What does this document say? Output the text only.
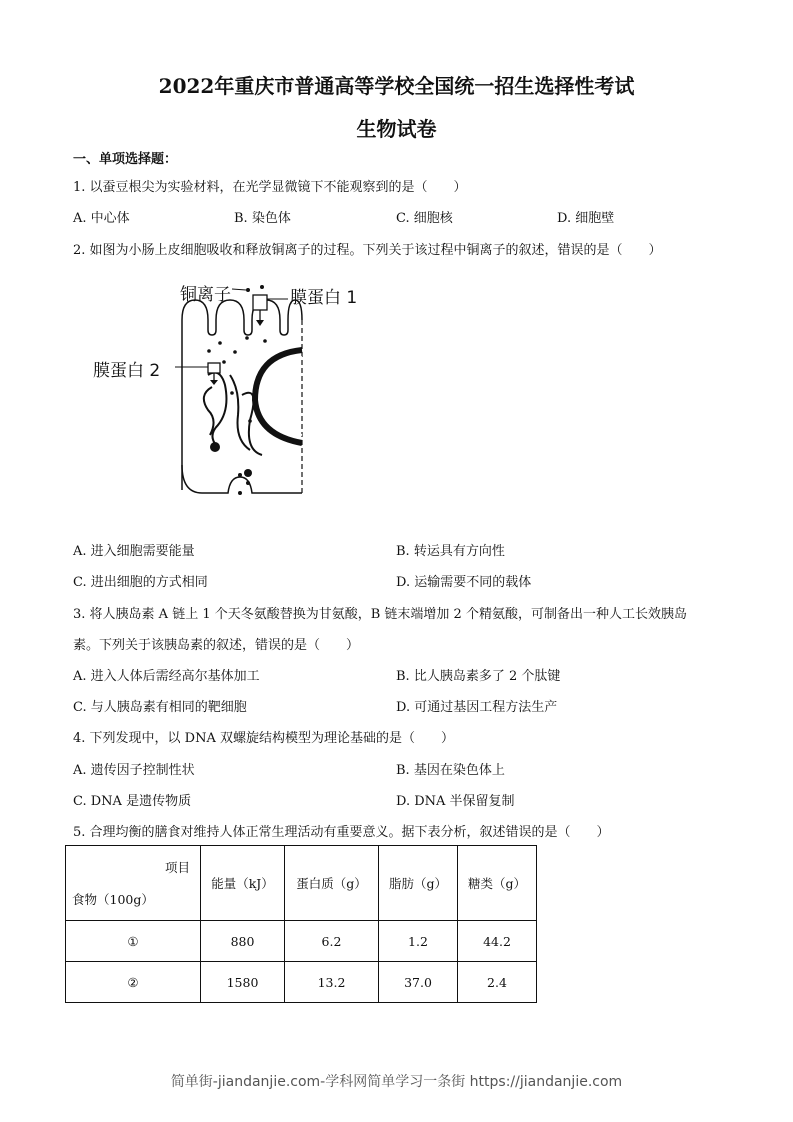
2022年重庆市普通高等学校全国统一招生选择性考试
生物试卷
一、单项选择题：
1. 以蚕豆根尖为实验材料，在光学显微镜下不能观察到的是（　　）
A. 中心体	B. 染色体	C. 细胞核	D. 细胞壁
2. 如图为小肠上皮细胞吸收和释放铜离子的过程。下列关于该过程中铜离子的叙述，错误的是（　　）
铜离子	膜蛋白 1
膜蛋白 2
A. 进入细胞需要能量	B. 转运具有方向性
C. 进出细胞的方式相同	D. 运输需要不同的载体
3. 将人胰岛素 A 链上 1 个天冬氨酸替换为甘氨酸，B 链末端增加 2 个精氨酸，可制备出一种人工长效胰岛
素。下列关于该胰岛素的叙述，错误的是（　　）
A. 进入人体后需经高尔基体加工	B. 比人胰岛素多了 2 个肽键
C. 与人胰岛素有相同的靶细胞	D. 可通过基因工程方法生产
4. 下列发现中，以 DNA 双螺旋结构模型为理论基础的是（　　）
A. 遗传因子控制性状	B. 基因在染色体上
C. DNA 是遗传物质	D. DNA 半保留复制
5. 合理均衡的膳食对维持人体正常生理活动有重要意义。据下表分析，叙述错误的是（　　）
项目
食物（100g）	能量（kJ）	蛋白质（g）	脂肪（g）	糖类（g）
①	880	6.2	1.2	44.2
②	1580	13.2	37.0	2.4
简单街-jiandanjie.com-学科网简单学习一条街 https://jiandanjie.com
